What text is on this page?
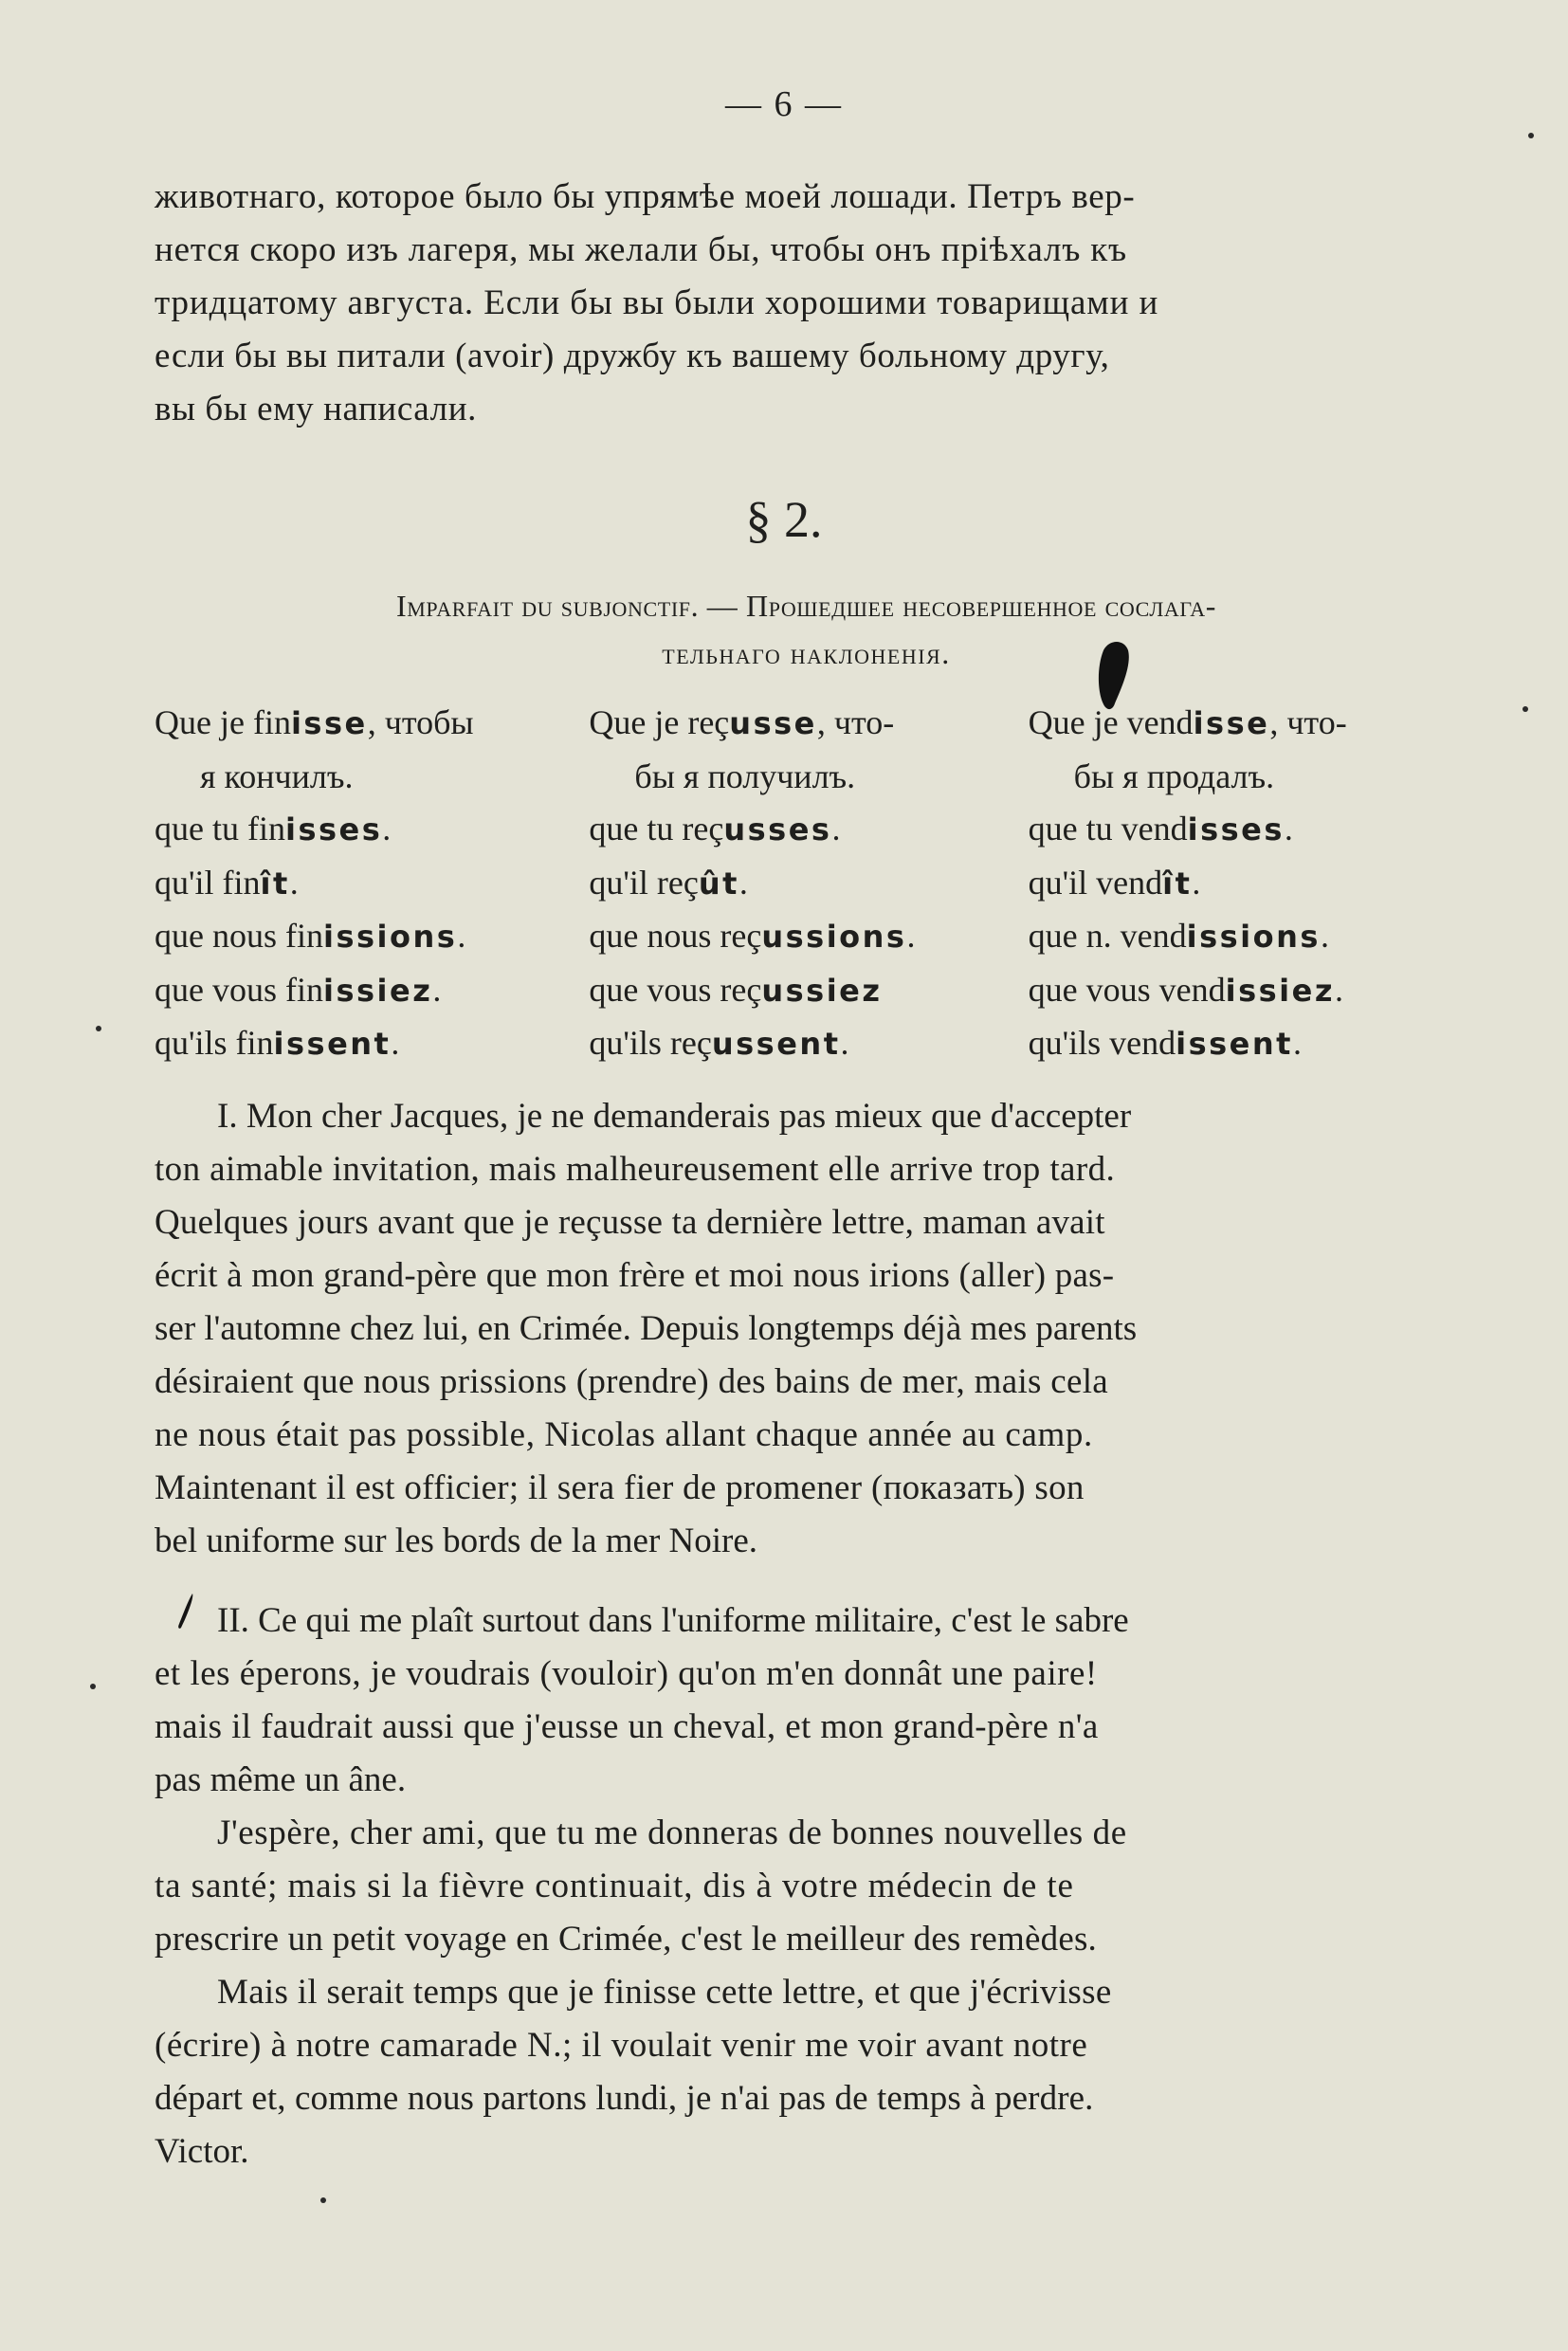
— 6 —
животнаго, которое было бы упрямѣе моей лошади. Петръ вер-
нется скоро изъ лагеря, мы желали бы, чтобы онъ пріѣхалъ къ
тридцатому августа. Если бы вы были хорошими товарищами и
если бы вы питали (avoir) дружбу къ вашему больному другу,
вы бы ему написали.
§ 2.
Imparfait du subjonctif. — Прошедшее несовершенное сослага-
тельнаго наклоненія.
Que je finisse, чтобы
я кончилъ.
que tu finisses.
qu'il finît.
que nous finissions.
que vous finissiez.
qu'ils finissent.
Que je reçusse, что-
бы я получилъ.
que tu reçusses.
qu'il reçût.
que nous reçussions.
que vous reçussiez
qu'ils reçussent.
Que je vendisse, что-
бы я продалъ.
que tu vendisses.
qu'il vendît.
que n. vendissions.
que vous vendissiez.
qu'ils vendissent.
I. Mon cher Jacques, je ne demanderais pas mieux que d'accepter
ton aimable invitation, mais malheureusement elle arrive trop tard.
Quelques jours avant que je reçusse ta dernière lettre, maman avait
écrit à mon grand-père que mon frère et moi nous irions (aller) pas-
ser l'automne chez lui, en Crimée. Depuis longtemps déjà mes parents
désiraient que nous prissions (prendre) des bains de mer, mais cela
ne nous était pas possible, Nicolas allant chaque année au camp.
Maintenant il est officier; il sera fier de promener (показать) son
bel uniforme sur les bords de la mer Noire.
II. Ce qui me plaît surtout dans l'uniforme militaire, c'est le sabre
et les éperons, je voudrais (vouloir) qu'on m'en donnât une paire!
mais il faudrait aussi que j'eusse un cheval, et mon grand-père n'a
pas même un âne.
J'espère, cher ami, que tu me donneras de bonnes nouvelles de
ta santé; mais si la fièvre continuait, dis à votre médecin de te
prescrire un petit voyage en Crimée, c'est le meilleur des remèdes.
Mais il serait temps que je finisse cette lettre, et que j'écrivisse
(écrire) à notre camarade N.; il voulait venir me voir avant notre
départ et, comme nous partons lundi, je n'ai pas de temps à perdre.
Victor.
